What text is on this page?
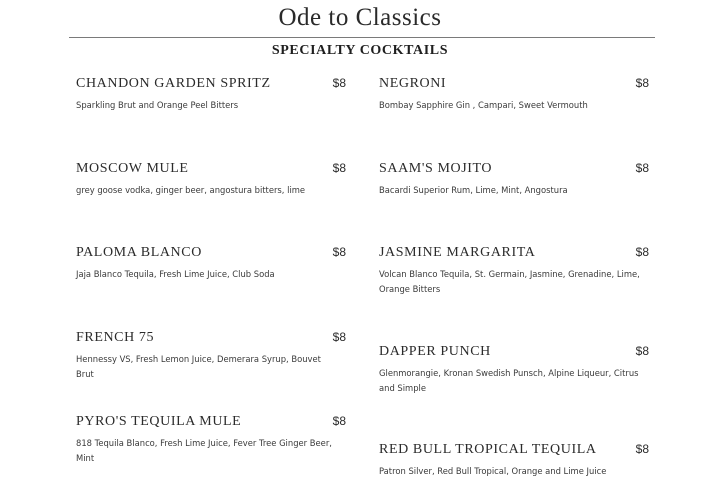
Ode to Classics
SPECIALTY COCKTAILS
CHANDON GARDEN SPRITZ	$8
Sparkling Brut and Orange Peel Bitters
MOSCOW MULE	$8
grey goose vodka, ginger beer, angostura bitters, lime
PALOMA BLANCO	$8
Jaja Blanco Tequila, Fresh Lime Juice, Club Soda
FRENCH 75	$8
Hennessy VS, Fresh Lemon Juice, Demerara Syrup, Bouvet Brut
PYRO'S TEQUILA MULE	$8
818 Tequila Blanco, Fresh Lime Juice, Fever Tree Ginger Beer, Mint
NEGRONI	$8
Bombay Sapphire Gin , Campari, Sweet Vermouth
SAAM'S MOJITO	$8
Bacardi Superior Rum, Lime, Mint, Angostura
JASMINE MARGARITA	$8
Volcan Blanco Tequila, St. Germain, Jasmine, Grenadine, Lime, Orange Bitters
DAPPER PUNCH	$8
Glenmorangie, Kronan Swedish Punsch, Alpine Liqueur, Citrus and Simple
RED BULL TROPICAL TEQUILA	$8
Patron Silver, Red Bull Tropical, Orange and Lime Juice
